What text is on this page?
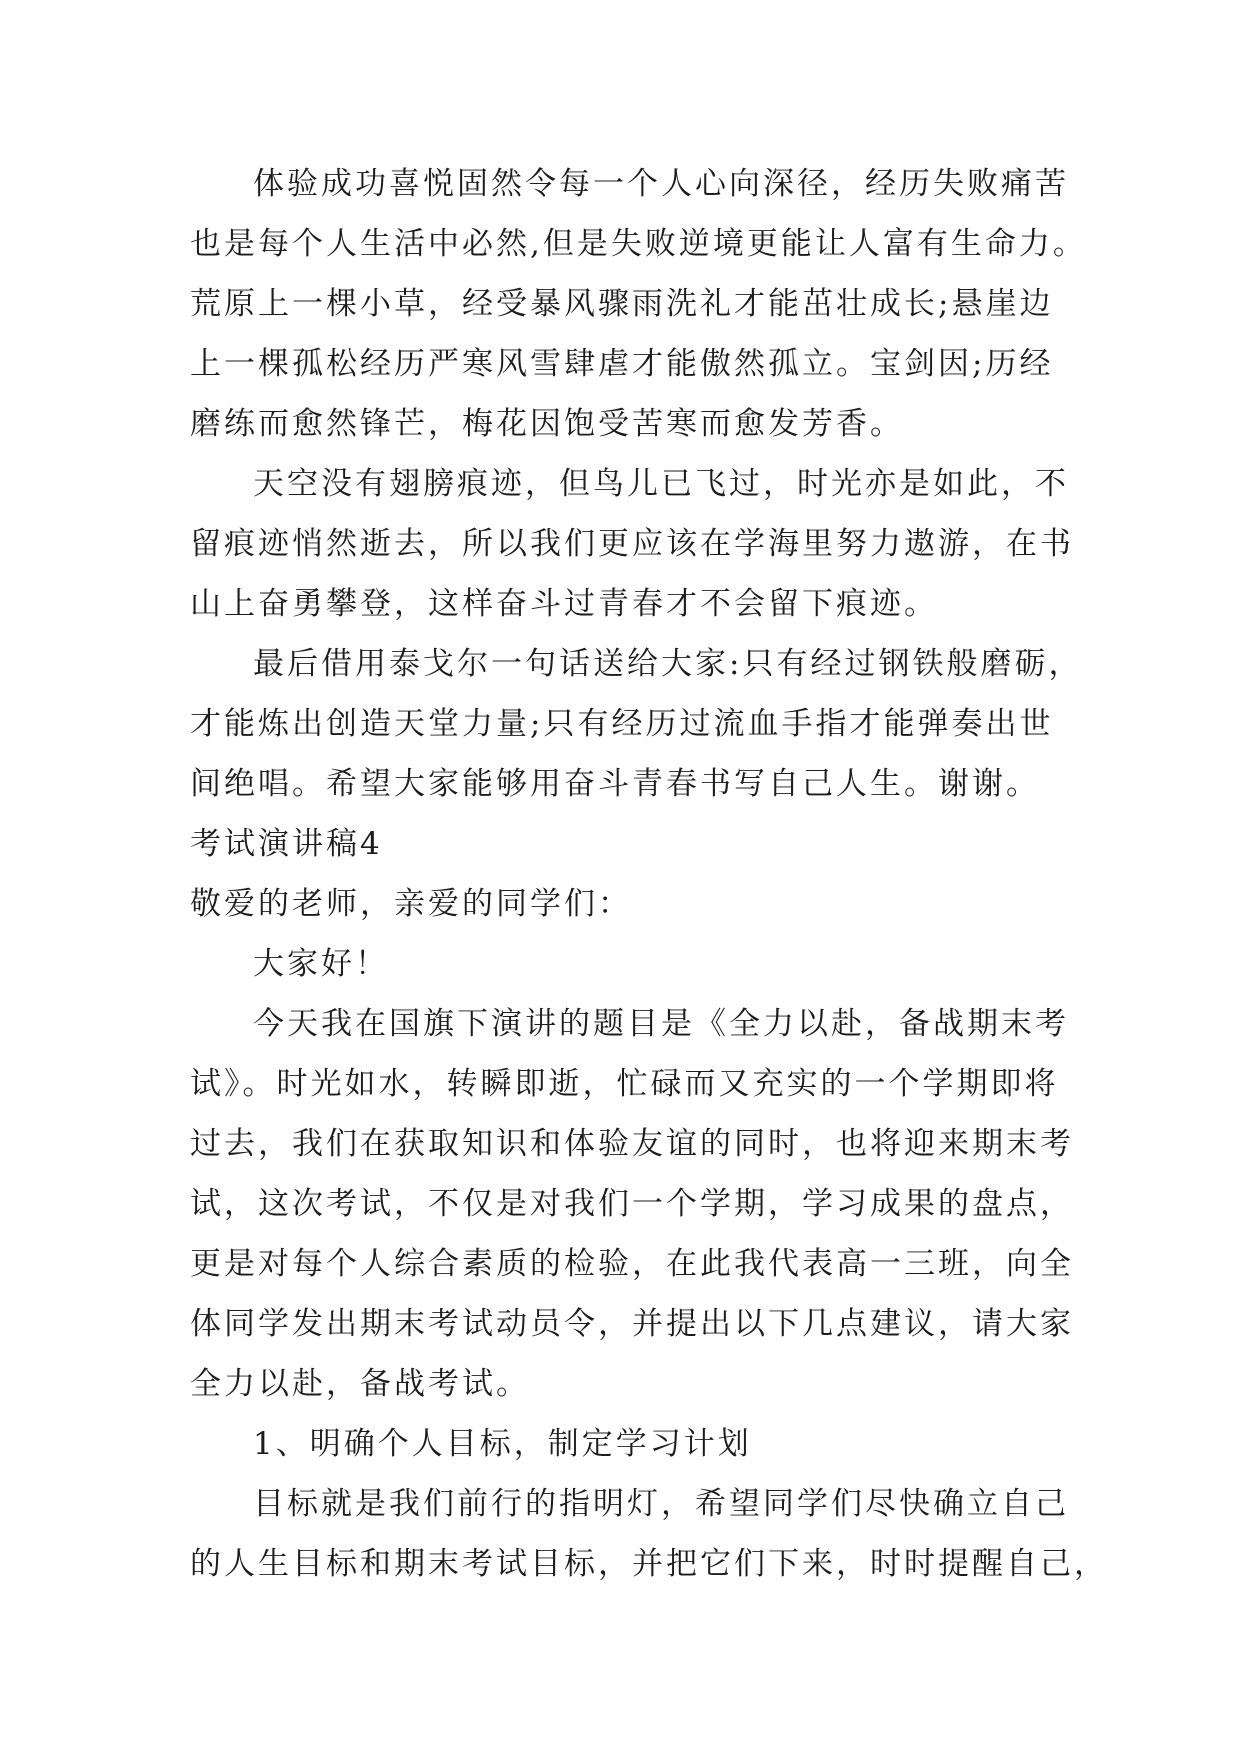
体验成功喜悦固然令每一个人心向深径，经历失败痛苦
也是每个人生活中必然,但是失败逆境更能让人富有生命力。
荒原上一棵小草，经受暴风骤雨洗礼才能茁壮成长;悬崖边
上一棵孤松经历严寒风雪肆虐才能傲然孤立。宝剑因;历经
磨练而愈然锋芒，梅花因饱受苦寒而愈发芳香。
天空没有翅膀痕迹，但鸟儿已飞过，时光亦是如此，不
留痕迹悄然逝去，所以我们更应该在学海里努力遨游，在书
山上奋勇攀登，这样奋斗过青春才不会留下痕迹。
最后借用泰戈尔一句话送给大家:只有经过钢铁般磨砺，
才能炼出创造天堂力量;只有经历过流血手指才能弹奏出世
间绝唱。希望大家能够用奋斗青春书写自己人生。谢谢。
考试演讲稿4
敬爱的老师，亲爱的同学们：
大家好！
今天我在国旗下演讲的题目是《全力以赴，备战期末考
试》。时光如水，转瞬即逝，忙碌而又充实的一个学期即将
过去，我们在获取知识和体验友谊的同时，也将迎来期末考
试，这次考试，不仅是对我们一个学期，学习成果的盘点，
更是对每个人综合素质的检验，在此我代表高一三班，向全
体同学发出期末考试动员令，并提出以下几点建议，请大家
全力以赴，备战考试。
1、明确个人目标，制定学习计划
目标就是我们前行的指明灯，希望同学们尽快确立自己
的人生目标和期末考试目标，并把它们下来，时时提醒自己，
